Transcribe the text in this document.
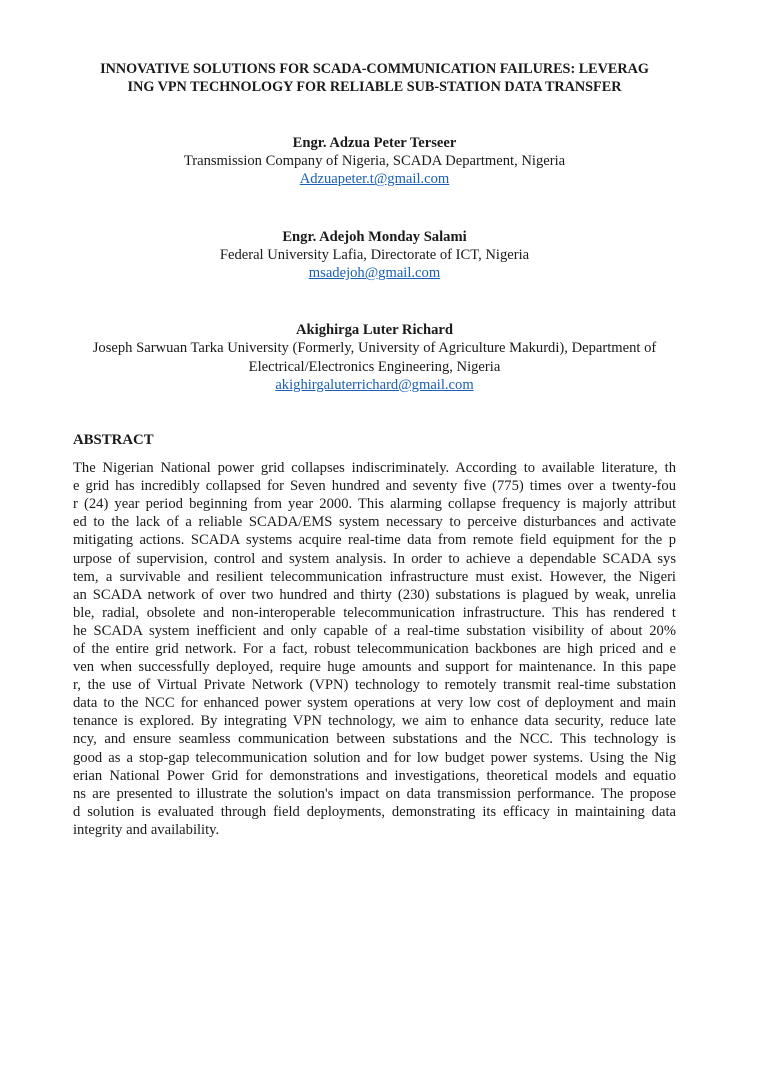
INNOVATIVE SOLUTIONS FOR SCADA-COMMUNICATION FAILURES: LEVERAG
ING VPN TECHNOLOGY FOR RELIABLE SUB-STATION DATA TRANSFER
Engr. Adzua Peter Terseer
Transmission Company of Nigeria, SCADA Department, Nigeria
Adzuapeter.t@gmail.com
Engr. Adejoh Monday Salami
Federal University Lafia, Directorate of ICT, Nigeria
msadejoh@gmail.com
Akighirga Luter Richard
Joseph Sarwuan Tarka University (Formerly, University of Agriculture Makurdi), Department of
Electrical/Electronics Engineering, Nigeria
akighirgaluterrichard@gmail.com
ABSTRACT
The Nigerian National power grid collapses indiscriminately. According to available literature, th
e grid has incredibly collapsed for Seven hundred and seventy five (775) times over a twenty-fou
r (24) year period beginning from year 2000. This alarming collapse frequency is majorly attribut
ed to the lack of a reliable SCADA/EMS system necessary to perceive disturbances and activate
mitigating actions. SCADA systems acquire real-time data from remote field equipment for the p
urpose of supervision, control and system analysis. In order to achieve a dependable SCADA sys
tem, a survivable and resilient telecommunication infrastructure must exist. However, the Nigeri
an SCADA network of over two hundred and thirty (230) substations is plagued by weak, unrelia
ble, radial, obsolete and non-interoperable telecommunication infrastructure. This has rendered t
he SCADA system inefficient and only capable of a real-time substation visibility of about 20%
of the entire grid network. For a fact, robust telecommunication backbones are high priced and e
ven when successfully deployed, require huge amounts and support for maintenance. In this pape
r, the use of Virtual Private Network (VPN) technology to remotely transmit real-time substation
data to the NCC for enhanced power system operations at very low cost of deployment and main
tenance is explored. By integrating VPN technology, we aim to enhance data security, reduce late
ncy, and ensure seamless communication between substations and the NCC. This technology is
good as a stop-gap telecommunication solution and for low budget power systems. Using the Nig
erian National Power Grid for demonstrations and investigations, theoretical models and equatio
ns are presented to illustrate the solution's impact on data transmission performance. The propose
d solution is evaluated through field deployments, demonstrating its efficacy in maintaining data
integrity and availability.
